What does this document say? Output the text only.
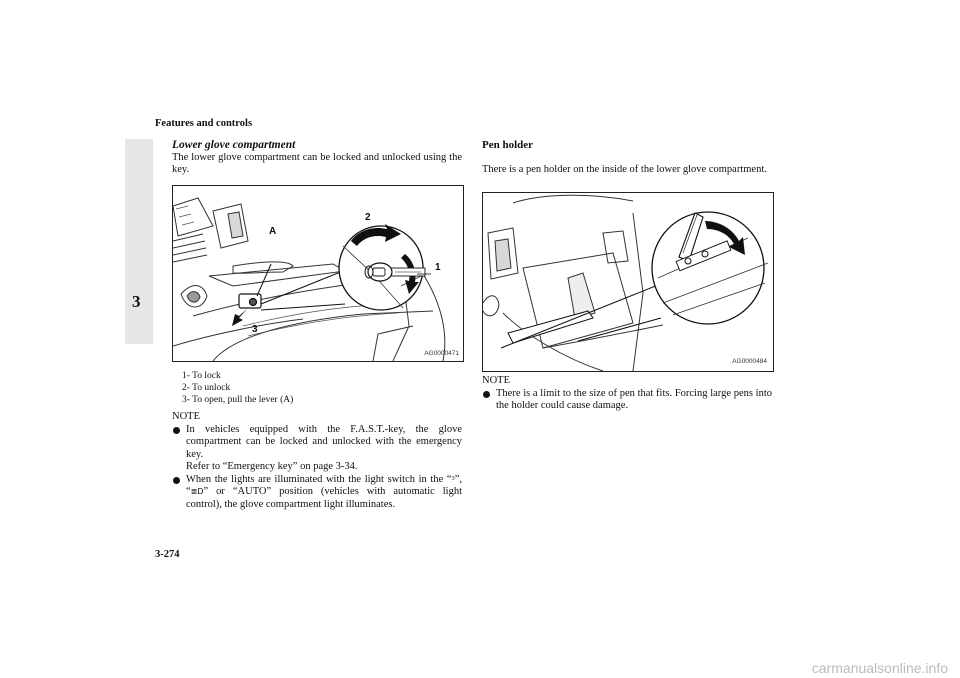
Features and controls
3
Lower glove compartment
The lower glove compartment can be locked and unlocked using the key.
A
2
1
3
AG0000471
1- To lock
2- To unlock
3- To open, pull the lever (A)
NOTE
In vehicles equipped with the F.A.S.T.-key, the glove compartment can be locked and unlocked with the emergency key.
Refer to “Emergency key” on page 3-34.
When the lights are illuminated with the light switch in the “ᴲ”, “≣D” or “AUTO” position (vehicles with automatic light control), the glove compartment light illuminates.
Pen holder
There is a pen holder on the inside of the lower glove compartment.
AG0000484
NOTE
There is a limit to the size of pen that fits. Forcing large pens into the holder could cause damage.
3-274
carmanualsonline.info
